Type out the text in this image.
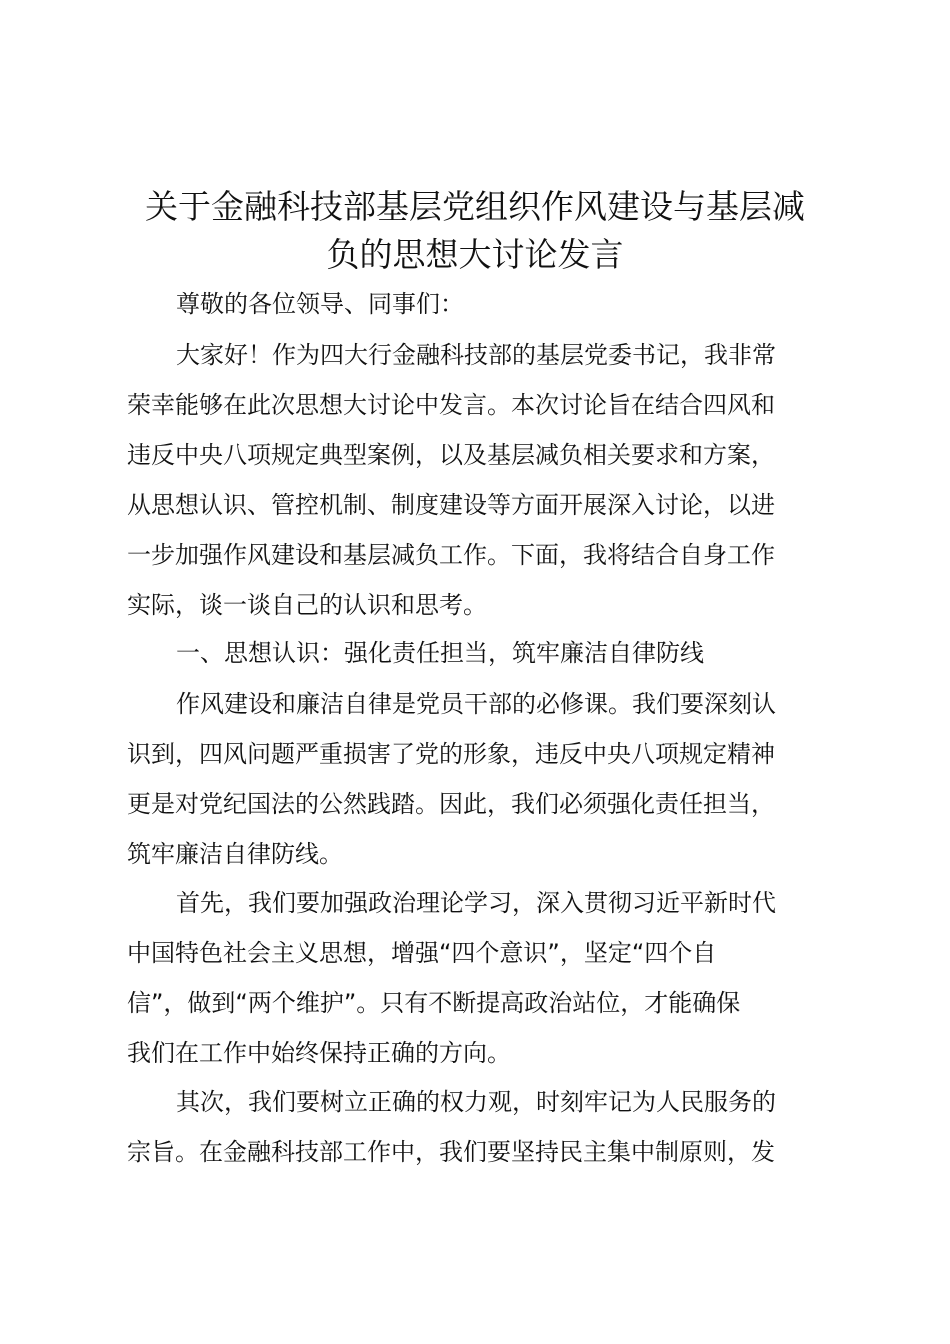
关于金融科技部基层党组织作风建设与基层减
负的思想大讨论发言

尊敬的各位领导、同事们：

大家好！作为四大行金融科技部的基层党委书记，我非常

荣幸能够在此次思想大讨论中发言。本次讨论旨在结合四风和

违反中央八项规定典型案例，以及基层减负相关要求和方案，

从思想认识、管控机制、制度建设等方面开展深入讨论，以进

一步加强作风建设和基层减负工作。下面，我将结合自身工作

实际，谈一谈自己的认识和思考。

一、思想认识：强化责任担当，筑牢廉洁自律防线

作风建设和廉洁自律是党员干部的必修课。我们要深刻认

识到，四风问题严重损害了党的形象，违反中央八项规定精神

更是对党纪国法的公然践踏。因此，我们必须强化责任担当，

筑牢廉洁自律防线。

首先，我们要加强政治理论学习，深入贯彻习近平新时代

中国特色社会主义思想，增强“四个意识”，坚定“四个自

信”，做到“两个维护”。只有不断提高政治站位，才能确保

我们在工作中始终保持正确的方向。

其次，我们要树立正确的权力观，时刻牢记为人民服务的

宗旨。在金融科技部工作中，我们要坚持民主集中制原则，发
